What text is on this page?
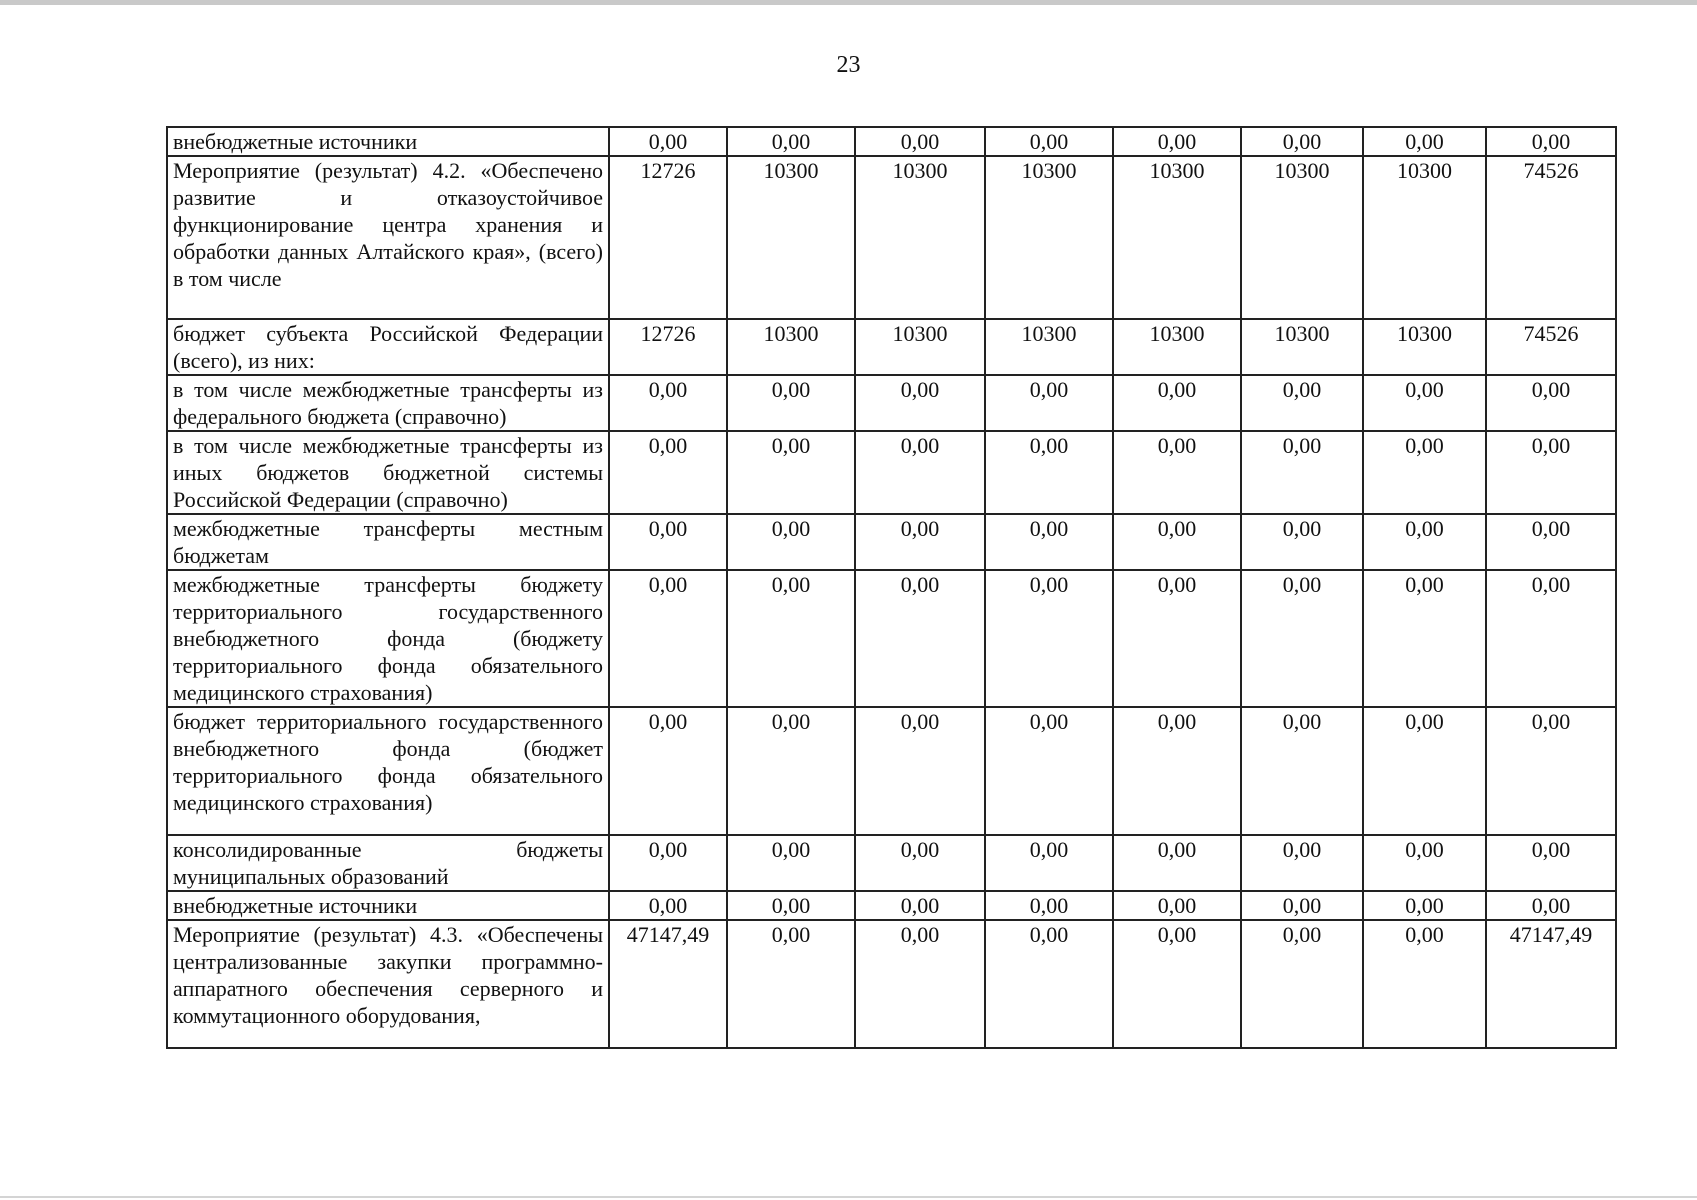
23
внебюджетные источники	0,00	0,00	0,00	0,00	0,00	0,00	0,00	0,00
Мероприятие (результат) 4.2. «Обеспечено развитие и отказоустойчивое функционирование центра хранения и обработки данных Алтайского края», (всего) в том числе	12726	10300	10300	10300	10300	10300	10300	74526
бюджет субъекта Российской Федерации (всего), из них:	12726	10300	10300	10300	10300	10300	10300	74526
в том числе межбюджетные трансферты из федерального бюджета (справочно)	0,00	0,00	0,00	0,00	0,00	0,00	0,00	0,00
в том числе межбюджетные трансферты из иных бюджетов бюджетной системы Российской Федерации (справочно)	0,00	0,00	0,00	0,00	0,00	0,00	0,00	0,00
межбюджетные трансферты местным бюджетам	0,00	0,00	0,00	0,00	0,00	0,00	0,00	0,00
межбюджетные трансферты бюджету территориального государственного внебюджетного фонда (бюджету территориального фонда обязательного медицинского страхования)	0,00	0,00	0,00	0,00	0,00	0,00	0,00	0,00
бюджет территориального государственного внебюджетного фонда (бюджет территориального фонда обязательного медицинского страхования)	0,00	0,00	0,00	0,00	0,00	0,00	0,00	0,00
консолидированные бюджеты муниципальных образований	0,00	0,00	0,00	0,00	0,00	0,00	0,00	0,00
внебюджетные источники	0,00	0,00	0,00	0,00	0,00	0,00	0,00	0,00
Мероприятие (результат) 4.3. «Обеспечены централизованные закупки программно-аппаратного обеспечения серверного и коммутационного оборудования,	47147,49	0,00	0,00	0,00	0,00	0,00	0,00	47147,49
